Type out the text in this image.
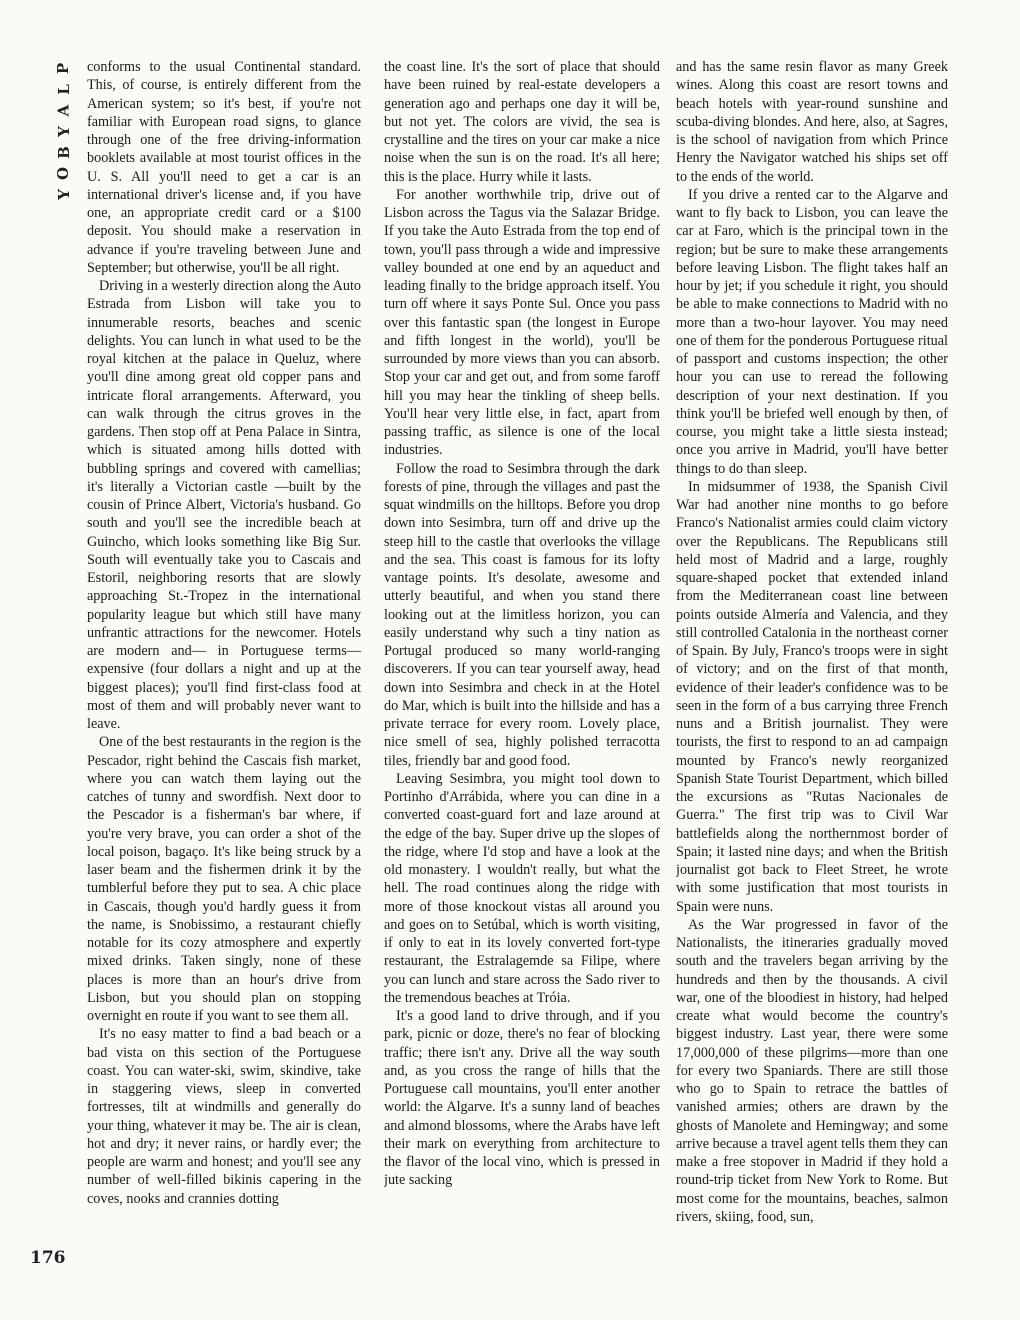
P
L
A
Y
B
O
Y

conforms to the usual Continental standard. This, of course, is entirely different from the American system; so it's best, if you're not familiar with European road signs, to glance through one of the free driving-information booklets available at most tourist offices in the U. S. All you'll need to get a car is an international driver's license and, if you have one, an appropriate credit card or a $100 deposit. You should make a reservation in advance if you're traveling between June and September; but otherwise, you'll be all right.

Driving in a westerly direction along the Auto Estrada from Lisbon will take you to innumerable resorts, beaches and scenic delights. You can lunch in what used to be the royal kitchen at the palace in Queluz, where you'll dine among great old copper pans and intricate floral arrangements. Afterward, you can walk through the citrus groves in the gardens. Then stop off at Pena Palace in Sintra, which is situated among hills dotted with bubbling springs and covered with camellias; it's literally a Victorian castle —built by the cousin of Prince Albert, Victoria's husband. Go south and you'll see the incredible beach at Guincho, which looks something like Big Sur. South will eventually take you to Cascais and Estoril, neighboring resorts that are slowly approaching St.-Tropez in the international popularity league but which still have many unfrantic attractions for the newcomer. Hotels are modern and— in Portuguese terms—expensive (four dollars a night and up at the biggest places); you'll find first-class food at most of them and will probably never want to leave.

One of the best restaurants in the region is the Pescador, right behind the Cascais fish market, where you can watch them laying out the catches of tunny and swordfish. Next door to the Pescador is a fisherman's bar where, if you're very brave, you can order a shot of the local poison, bagaço. It's like being struck by a laser beam and the fishermen drink it by the tumblerful before they put to sea. A chic place in Cascais, though you'd hardly guess it from the name, is Snobissimo, a restaurant chiefly notable for its cozy atmosphere and expertly mixed drinks. Taken singly, none of these places is more than an hour's drive from Lisbon, but you should plan on stopping overnight en route if you want to see them all.

It's no easy matter to find a bad beach or a bad vista on this section of the Portuguese coast. You can water-ski, swim, skindive, take in staggering views, sleep in converted fortresses, tilt at windmills and generally do your thing, whatever it may be. The air is clean, hot and dry; it never rains, or hardly ever; the people are warm and honest; and you'll see any number of well-filled bikinis capering in the coves, nooks and crannies dotting

the coast line. It's the sort of place that should have been ruined by real-estate developers a generation ago and perhaps one day it will be, but not yet. The colors are vivid, the sea is crystalline and the tires on your car make a nice noise when the sun is on the road. It's all here; this is the place. Hurry while it lasts.

For another worthwhile trip, drive out of Lisbon across the Tagus via the Salazar Bridge. If you take the Auto Estrada from the top end of town, you'll pass through a wide and impressive valley bounded at one end by an aqueduct and leading finally to the bridge approach itself. You turn off where it says Ponte Sul. Once you pass over this fantastic span (the longest in Europe and fifth longest in the world), you'll be surrounded by more views than you can absorb. Stop your car and get out, and from some faroff hill you may hear the tinkling of sheep bells. You'll hear very little else, in fact, apart from passing traffic, as silence is one of the local industries.

Follow the road to Sesimbra through the dark forests of pine, through the villages and past the squat windmills on the hilltops. Before you drop down into Sesimbra, turn off and drive up the steep hill to the castle that overlooks the village and the sea. This coast is famous for its lofty vantage points. It's desolate, awesome and utterly beautiful, and when you stand there looking out at the limitless horizon, you can easily understand why such a tiny nation as Portugal produced so many world-ranging discoverers. If you can tear yourself away, head down into Sesimbra and check in at the Hotel do Mar, which is built into the hillside and has a private terrace for every room. Lovely place, nice smell of sea, highly polished terracotta tiles, friendly bar and good food.

Leaving Sesimbra, you might tool down to Portinho d'Arrábida, where you can dine in a converted coast-guard fort and laze around at the edge of the bay. Super drive up the slopes of the ridge, where I'd stop and have a look at the old monastery. I wouldn't really, but what the hell. The road continues along the ridge with more of those knockout vistas all around you and goes on to Setúbal, which is worth visiting, if only to eat in its lovely converted fort-type restaurant, the Estralagemde sa Filipe, where you can lunch and stare across the Sado river to the tremendous beaches at Tróia.

It's a good land to drive through, and if you park, picnic or doze, there's no fear of blocking traffic; there isn't any. Drive all the way south and, as you cross the range of hills that the Portuguese call mountains, you'll enter another world: the Algarve. It's a sunny land of beaches and almond blossoms, where the Arabs have left their mark on everything from architecture to the flavor of the local vino, which is pressed in jute sacking

and has the same resin flavor as many Greek wines. Along this coast are resort towns and beach hotels with year-round sunshine and scuba-diving blondes. And here, also, at Sagres, is the school of navigation from which Prince Henry the Navigator watched his ships set off to the ends of the world.

If you drive a rented car to the Algarve and want to fly back to Lisbon, you can leave the car at Faro, which is the principal town in the region; but be sure to make these arrangements before leaving Lisbon. The flight takes half an hour by jet; if you schedule it right, you should be able to make connections to Madrid with no more than a two-hour layover. You may need one of them for the ponderous Portuguese ritual of passport and customs inspection; the other hour you can use to reread the following description of your next destination. If you think you'll be briefed well enough by then, of course, you might take a little siesta instead; once you arrive in Madrid, you'll have better things to do than sleep.

In midsummer of 1938, the Spanish Civil War had another nine months to go before Franco's Nationalist armies could claim victory over the Republicans. The Republicans still held most of Madrid and a large, roughly square-shaped pocket that extended inland from the Mediterranean coast line between points outside Almería and Valencia, and they still controlled Catalonia in the northeast corner of Spain. By July, Franco's troops were in sight of victory; and on the first of that month, evidence of their leader's confidence was to be seen in the form of a bus carrying three French nuns and a British journalist. They were tourists, the first to respond to an ad campaign mounted by Franco's newly reorganized Spanish State Tourist Department, which billed the excursions as "Rutas Nacionales de Guerra." The first trip was to Civil War battlefields along the northernmost border of Spain; it lasted nine days; and when the British journalist got back to Fleet Street, he wrote with some justification that most tourists in Spain were nuns.

As the War progressed in favor of the Nationalists, the itineraries gradually moved south and the travelers began arriving by the hundreds and then by the thousands. A civil war, one of the bloodiest in history, had helped create what would become the country's biggest industry. Last year, there were some 17,000,000 of these pilgrims—more than one for every two Spaniards. There are still those who go to Spain to retrace the battles of vanished armies; others are drawn by the ghosts of Manolete and Hemingway; and some arrive because a travel agent tells them they can make a free stopover in Madrid if they hold a round-trip ticket from New York to Rome. But most come for the mountains, beaches, salmon rivers, skiing, food, sun,

176
